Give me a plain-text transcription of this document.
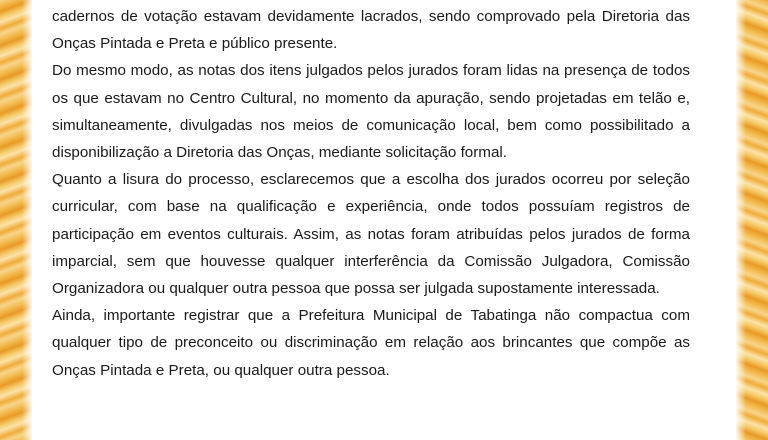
cadernos de votação estavam devidamente lacrados, sendo comprovado pela Diretoria das Onças Pintada e Preta e público presente.

Do mesmo modo, as notas dos itens julgados pelos jurados foram lidas na presença de todos os que estavam no Centro Cultural, no momento da apuração, sendo projetadas em telão e, simultaneamente, divulgadas nos meios de comunicação local, bem como possibilitado a disponibilização a Diretoria das Onças, mediante solicitação formal.

Quanto a lisura do processo, esclarecemos que a escolha dos jurados ocorreu por seleção curricular, com base na qualificação e experiência, onde todos possuíam registros de participação em eventos culturais. Assim, as notas foram atribuídas pelos jurados de forma imparcial, sem que houvesse qualquer interferência da Comissão Julgadora, Comissão Organizadora ou qualquer outra pessoa que possa ser julgada supostamente interessada.

Ainda, importante registrar que a Prefeitura Municipal de Tabatinga não compactua com qualquer tipo de preconceito ou discriminação em relação aos brincantes que compõe as Onças Pintada e Preta, ou qualquer outra pessoa.
